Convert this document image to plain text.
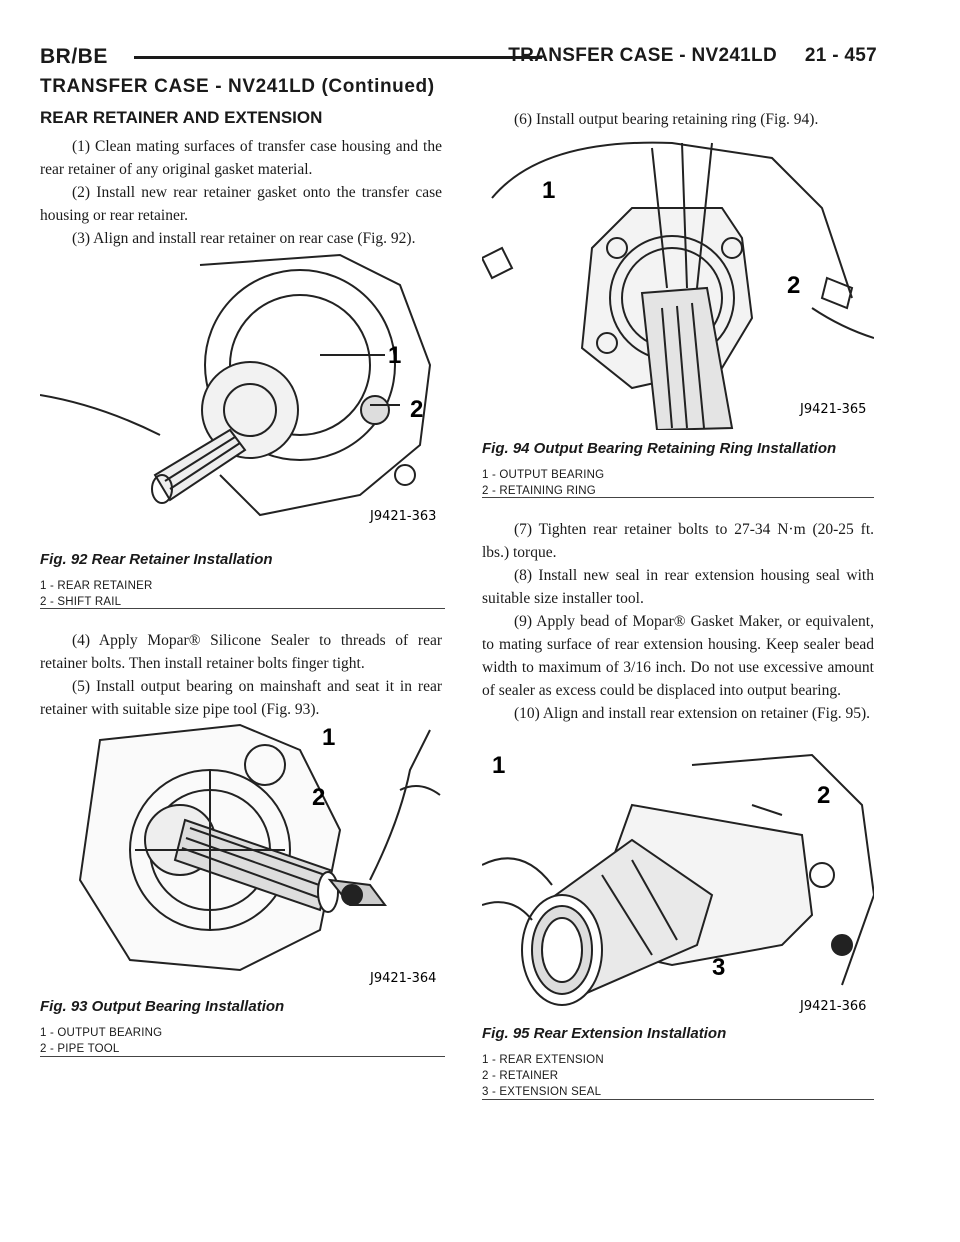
BR/BE	TRANSFER CASE - NV241LD     21 - 457
TRANSFER CASE - NV241LD (Continued)
REAR RETAINER AND EXTENSION

(1) Clean mating surfaces of transfer case housing and the rear retainer of any original gasket material.

(2) Install new rear retainer gasket onto the transfer case housing or rear retainer.

(3) Align and install rear retainer on rear case (Fig. 92).

1
2
J9421-363
Fig. 92 Rear Retainer Installation
1 - REAR RETAINER
2 - SHIFT RAIL

(4) Apply Mopar® Silicone Sealer to threads of rear retainer bolts. Then install retainer bolts finger tight.

(5) Install output bearing on mainshaft and seat it in rear retainer with suitable size pipe tool (Fig. 93).

1
2
J9421-364
Fig. 93 Output Bearing Installation
1 - OUTPUT BEARING
2 - PIPE TOOL

(6) Install output bearing retaining ring (Fig. 94).

1
2
J9421-365
Fig. 94 Output Bearing Retaining Ring Installation
1 - OUTPUT BEARING
2 - RETAINING RING

(7) Tighten rear retainer bolts to 27-34 N·m (20-25 ft. lbs.) torque.

(8) Install new seal in rear extension housing seal with suitable size installer tool.

(9) Apply bead of Mopar® Gasket Maker, or equivalent, to mating surface of rear extension housing. Keep sealer bead width to maximum of 3/16 inch. Do not use excessive amount of sealer as excess could be displaced into output bearing.

(10) Align and install rear extension on retainer (Fig. 95).

1
2
3
J9421-366
Fig. 95 Rear Extension Installation
1 - REAR EXTENSION
2 - RETAINER
3 - EXTENSION SEAL
